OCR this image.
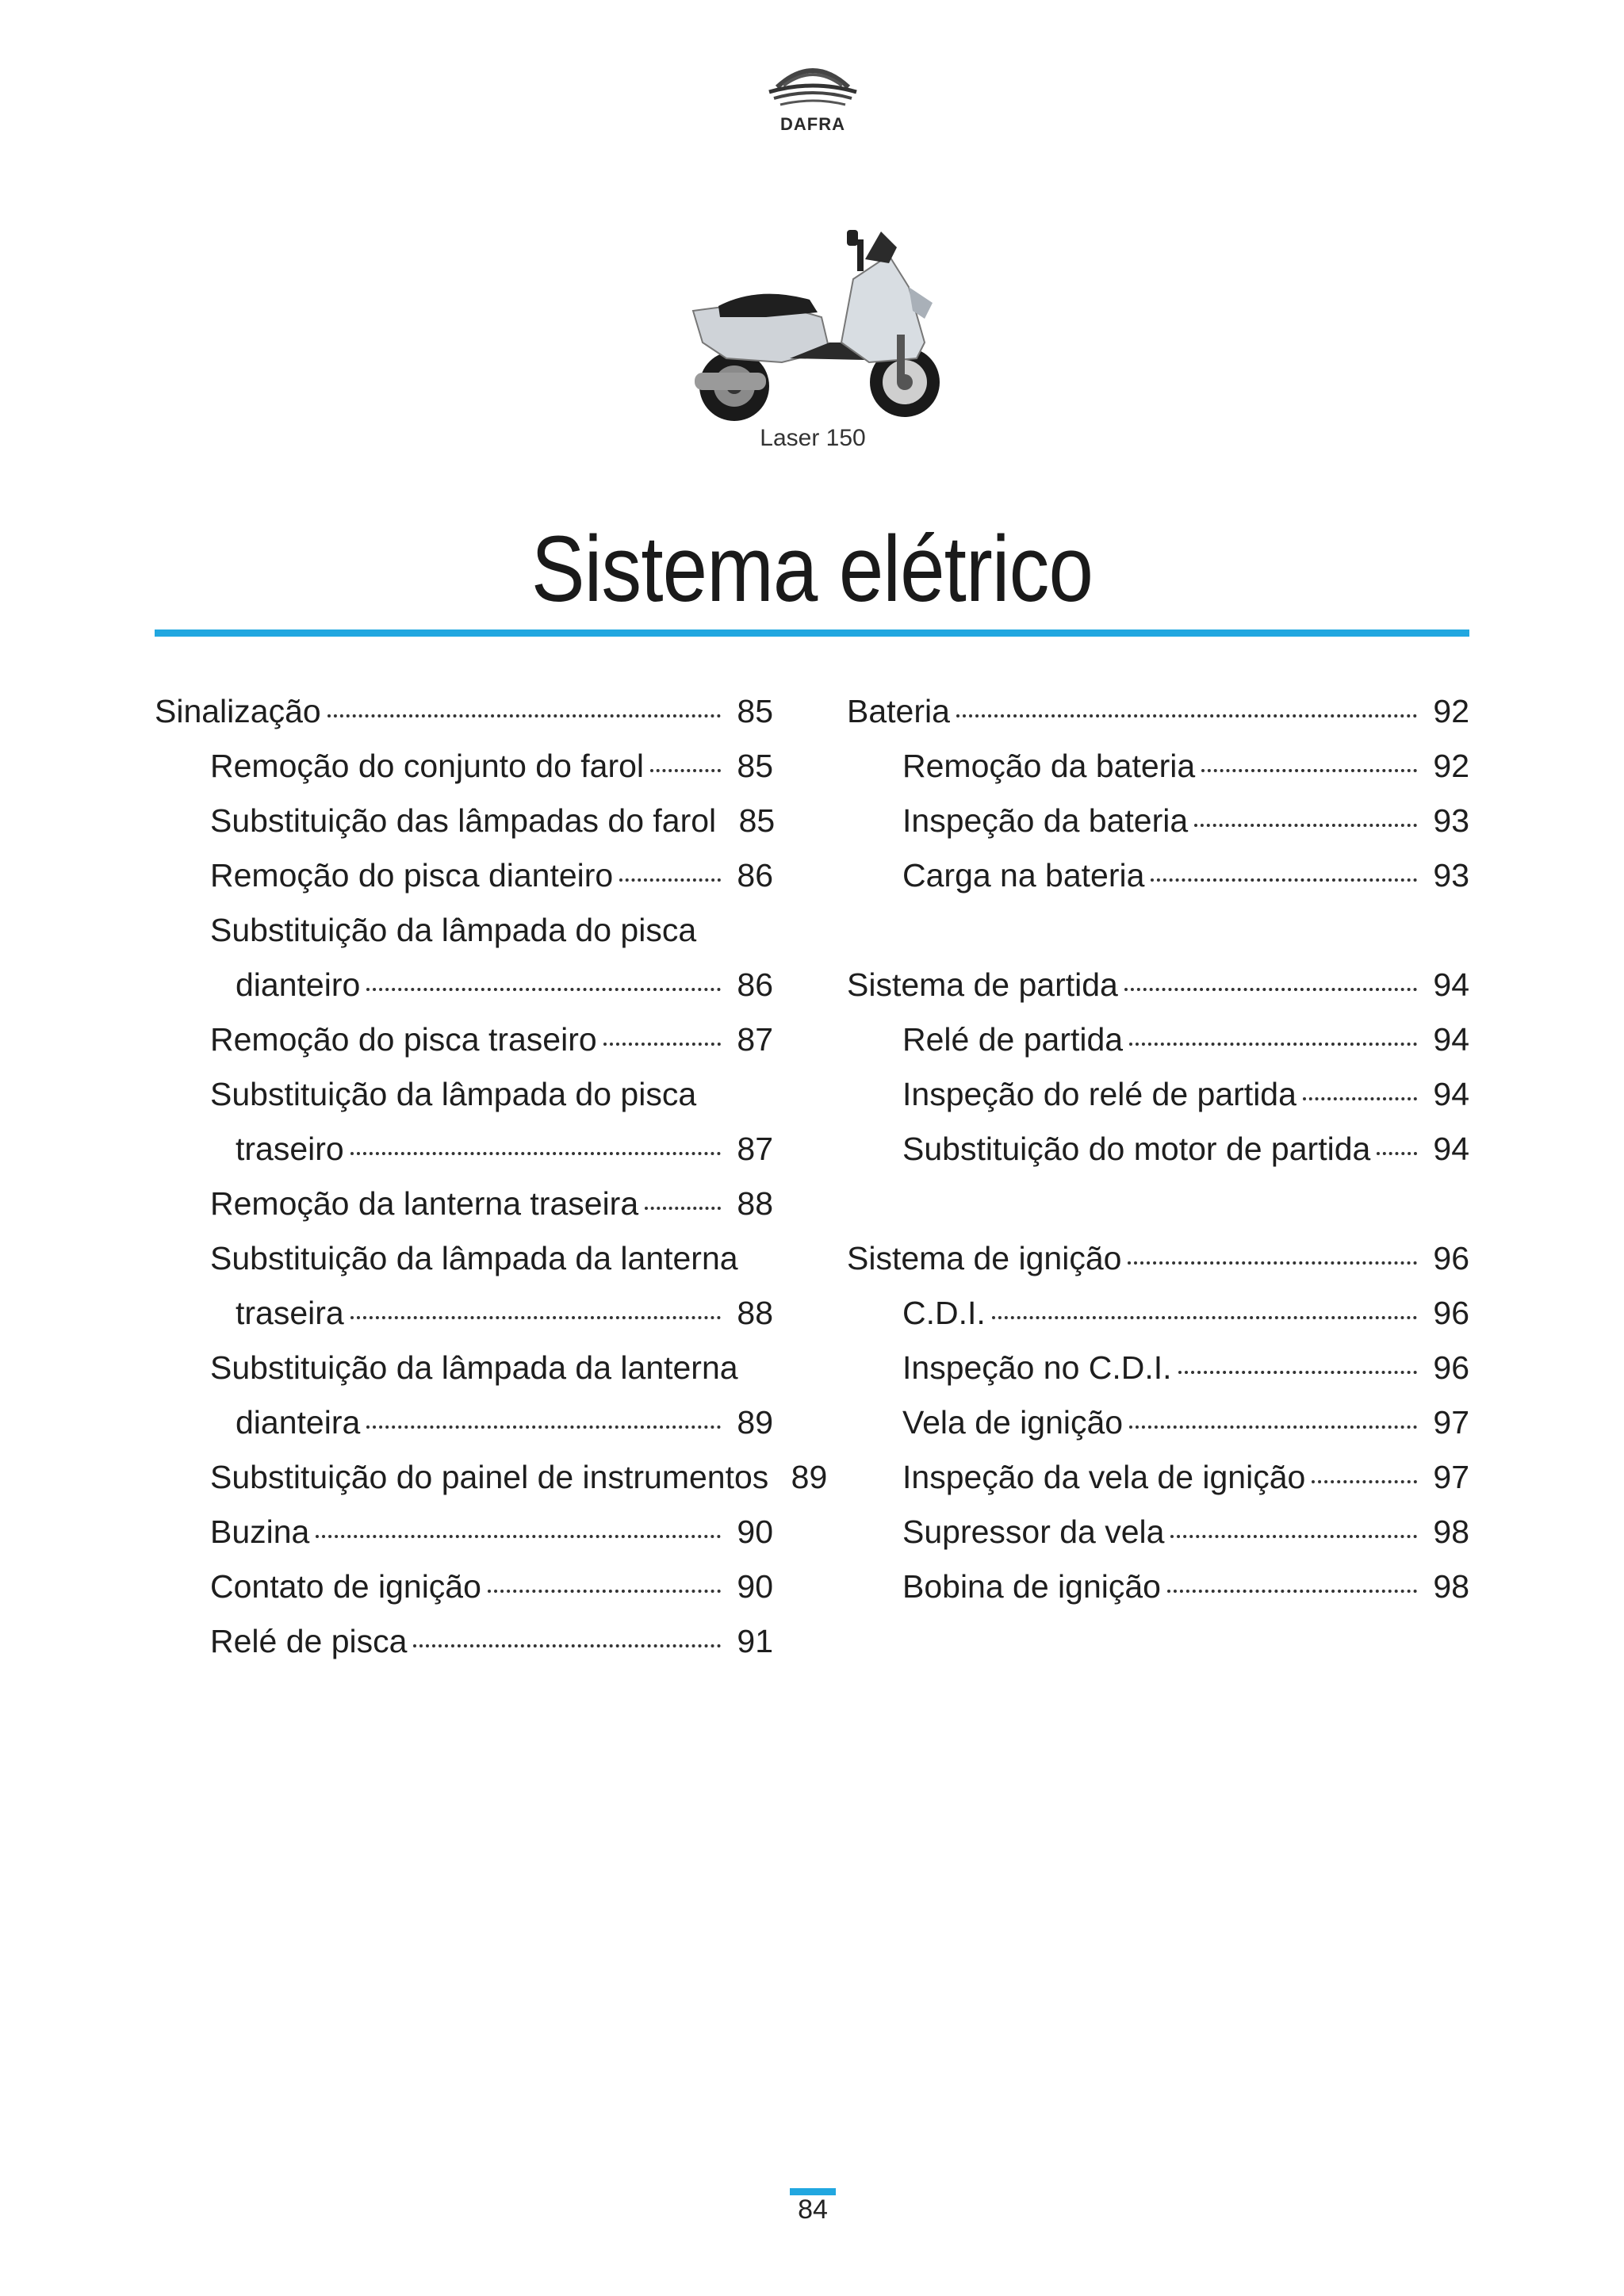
DAFRA
Laser 150
Sistema elétrico
Sinalização	85
Remoção do conjunto do farol	85
Substituição das lâmpadas do farol 85
Remoção do pisca dianteiro	86
Substituição da lâmpada do pisca
dianteiro	86
Remoção do pisca traseiro	87
Substituição da lâmpada do pisca
traseiro	87
Remoção da lanterna traseira	88
Substituição da lâmpada da lanterna
traseira	88
Substituição da lâmpada da lanterna
dianteira	89
Substituição do painel de instrumentos 89
Buzina	90
Contato de ignição	90
Relé de pisca	91
Bateria	92
Remoção da bateria	92
Inspeção da bateria	93
Carga na bateria	93
Sistema de partida	94
Relé de partida	94
Inspeção do relé de partida	94
Substituição do motor de partida	94
Sistema de ignição	96
C.D.I.	96
Inspeção no C.D.I.	96
Vela de ignição	97
Inspeção da vela de ignição	97
Supressor da vela	98
Bobina de ignição	98
84
